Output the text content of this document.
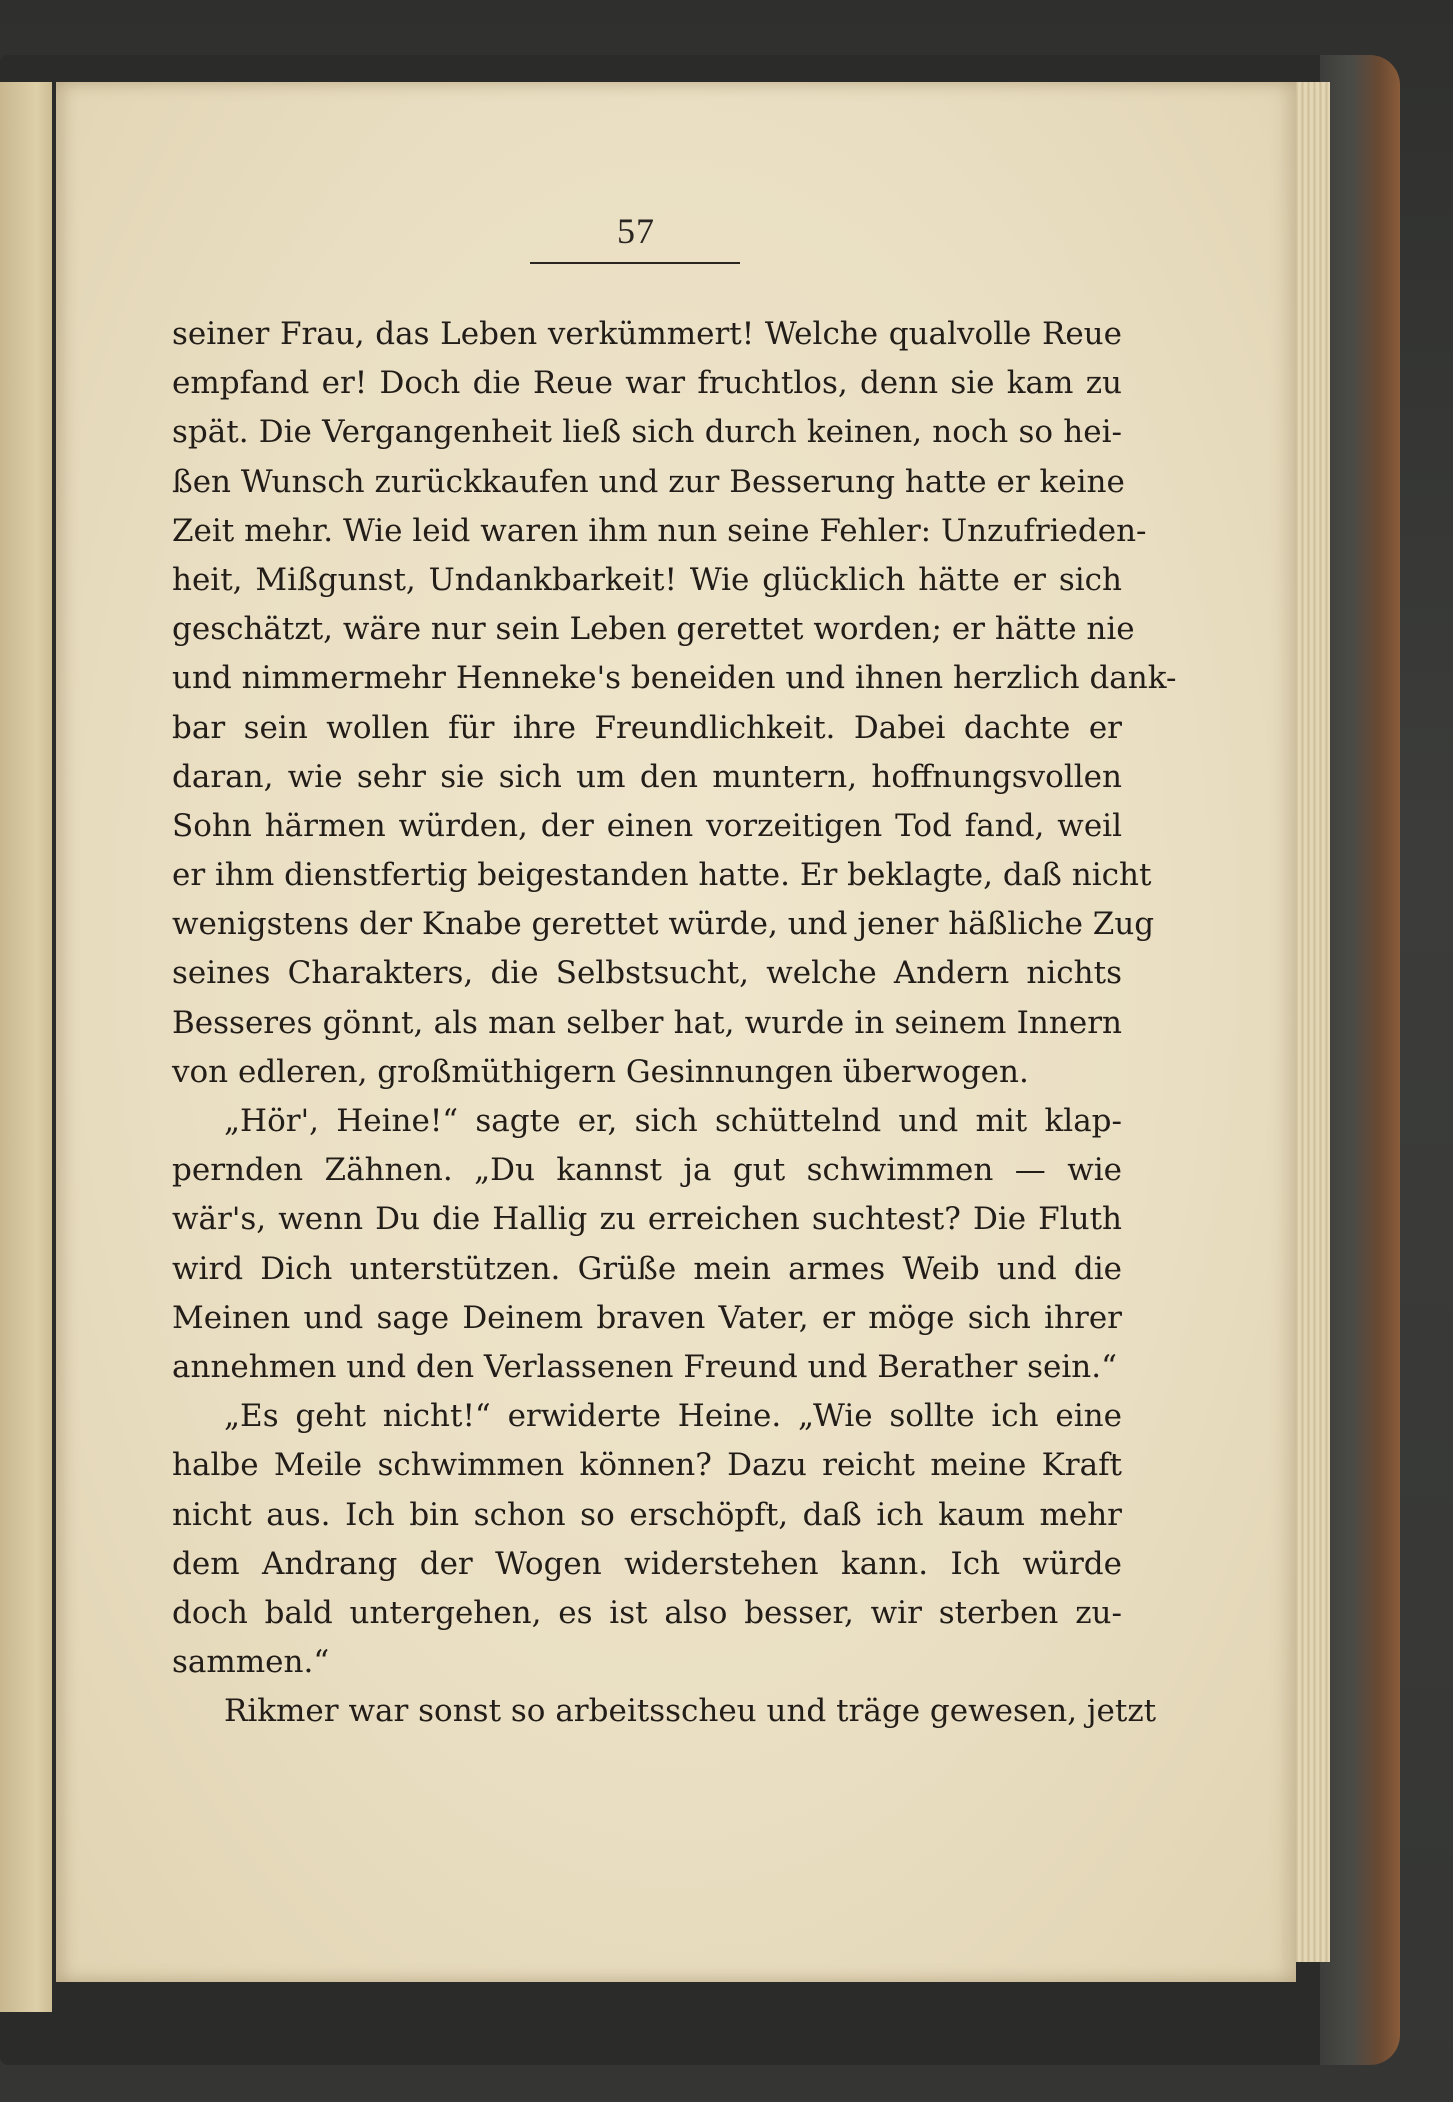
57
seiner Frau, das Leben verkümmert! Welche qualvolle Reue
empfand er! Doch die Reue war fruchtlos, denn sie kam zu
spät. Die Vergangenheit ließ sich durch keinen, noch so hei-
ßen Wunsch zurückkaufen und zur Besserung hatte er keine
Zeit mehr. Wie leid waren ihm nun seine Fehler: Unzufrieden-
heit, Mißgunst, Undankbarkeit! Wie glücklich hätte er sich
geschätzt, wäre nur sein Leben gerettet worden; er hätte nie
und nimmermehr Henneke's beneiden und ihnen herzlich dank-
bar sein wollen für ihre Freundlichkeit. Dabei dachte er
daran, wie sehr sie sich um den muntern, hoffnungsvollen
Sohn härmen würden, der einen vorzeitigen Tod fand, weil
er ihm dienstfertig beigestanden hatte. Er beklagte, daß nicht
wenigstens der Knabe gerettet würde, und jener häßliche Zug
seines Charakters, die Selbstsucht, welche Andern nichts
Besseres gönnt, als man selber hat, wurde in seinem Innern
von edleren, großmüthigern Gesinnungen überwogen.
„Hör', Heine!“ sagte er, sich schüttelnd und mit klap-
pernden Zähnen. „Du kannst ja gut schwimmen — wie
wär's, wenn Du die Hallig zu erreichen suchtest? Die Fluth
wird Dich unterstützen. Grüße mein armes Weib und die
Meinen und sage Deinem braven Vater, er möge sich ihrer
annehmen und den Verlassenen Freund und Berather sein.“
„Es geht nicht!“ erwiderte Heine. „Wie sollte ich eine
halbe Meile schwimmen können? Dazu reicht meine Kraft
nicht aus. Ich bin schon so erschöpft, daß ich kaum mehr
dem Andrang der Wogen widerstehen kann. Ich würde
doch bald untergehen, es ist also besser, wir sterben zu-
sammen.“
Rikmer war sonst so arbeitsscheu und träge gewesen, jetzt
